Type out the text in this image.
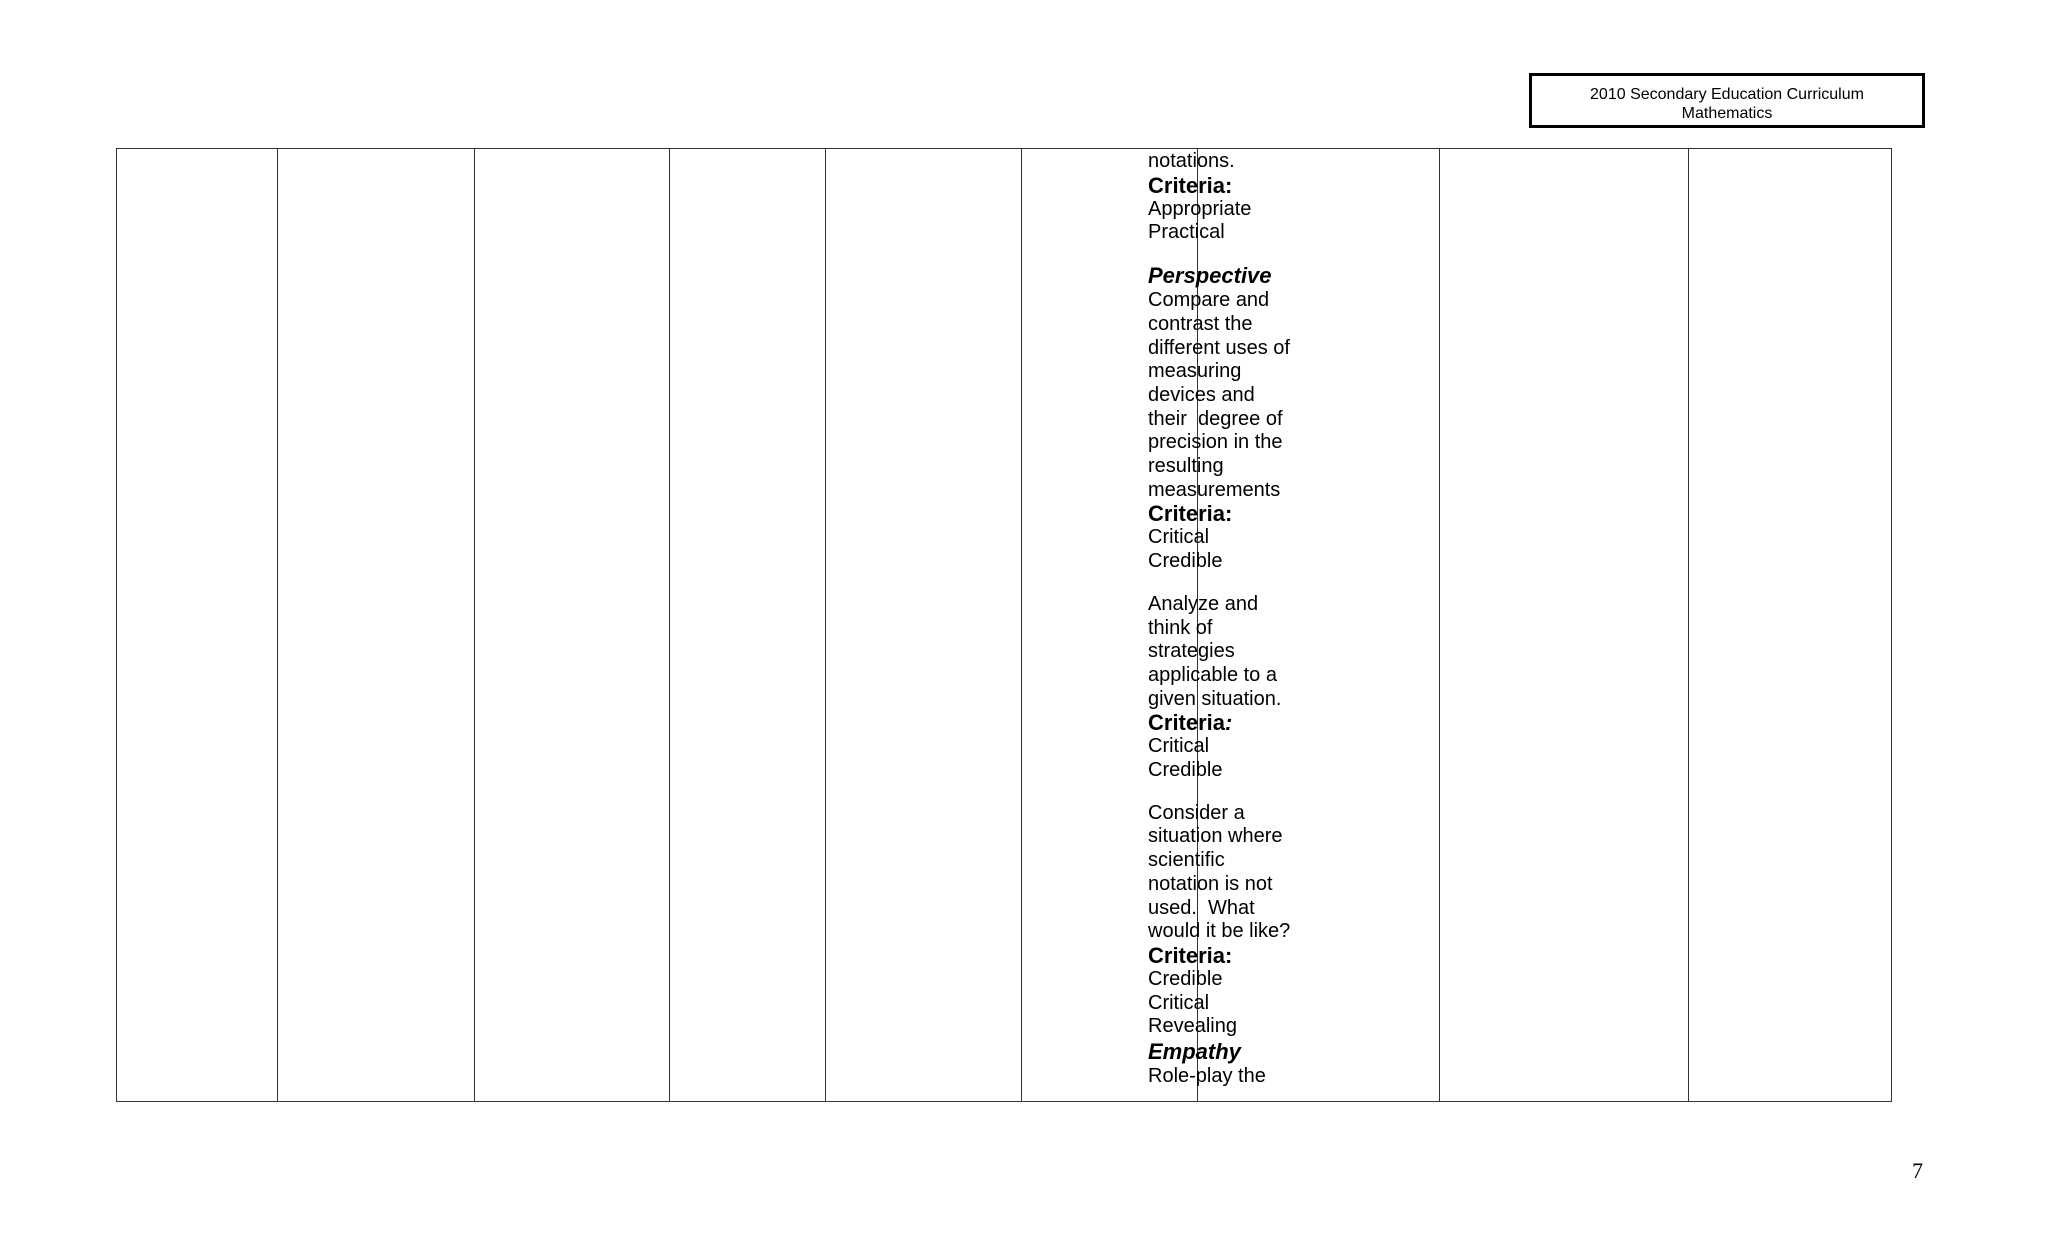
2010 Secondary Education Curriculum
Mathematics

notations.

Criteria:

Appropriate

Practical

Perspective

Compare and

contrast the

different uses of

measuring

devices and

their  degree of

precision in the

resulting

measurements

Criteria:

Critical

Credible

Analyze and

think of

strategies

applicable to a

given situation.

Criteria:

Critical

Credible

Consider a

situation where

scientific

notation is not

used.  What

would it be like?

Criteria:

Credible

Critical

Revealing

Empathy

Role-play the

7
